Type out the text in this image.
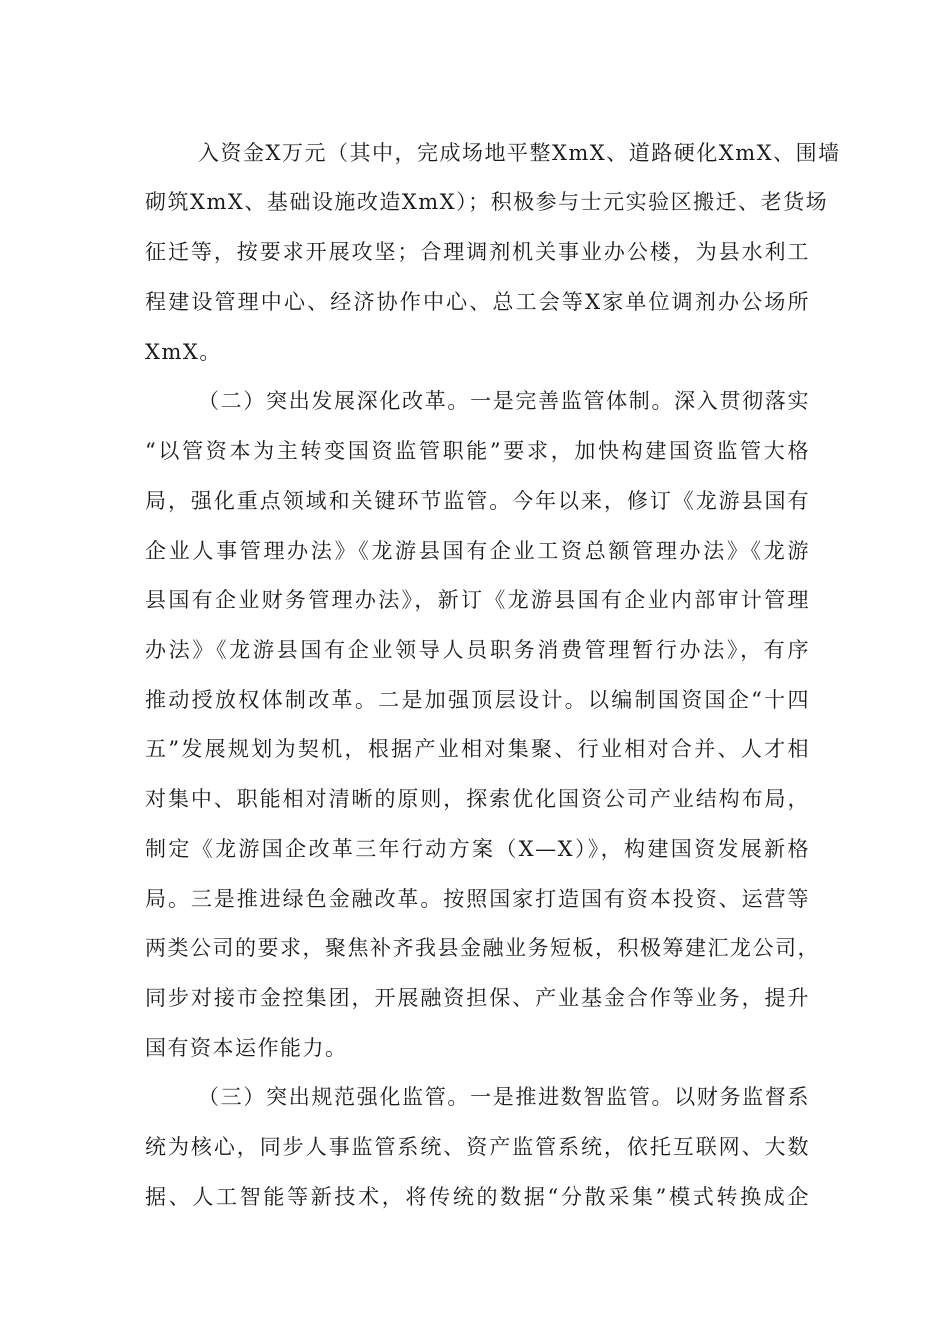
入资金X万元（其中，完成场地平整XmX、道路硬化XmX、围墙
砌筑XmX、基础设施改造XmX）；积极参与士元实验区搬迁、老货场
征迁等，按要求开展攻坚；合理调剂机关事业办公楼，为县水利工
程建设管理中心、经济协作中心、总工会等X家单位调剂办公场所
XmX。
（二）突出发展深化改革。一是完善监管体制。深入贯彻落实
“以管资本为主转变国资监管职能”要求，加快构建国资监管大格
局，强化重点领域和关键环节监管。今年以来，修订《龙游县国有
企业人事管理办法》《龙游县国有企业工资总额管理办法》《龙游
县国有企业财务管理办法》，新订《龙游县国有企业内部审计管理
办法》《龙游县国有企业领导人员职务消费管理暂行办法》，有序
推动授放权体制改革。二是加强顶层设计。以编制国资国企“十四
五”发展规划为契机，根据产业相对集聚、行业相对合并、人才相
对集中、职能相对清晰的原则，探索优化国资公司产业结构布局，
制定《龙游国企改革三年行动方案（X—X）》，构建国资发展新格
局。三是推进绿色金融改革。按照国家打造国有资本投资、运营等
两类公司的要求，聚焦补齐我县金融业务短板，积极筹建汇龙公司，
同步对接市金控集团，开展融资担保、产业基金合作等业务，提升
国有资本运作能力。
（三）突出规范强化监管。一是推进数智监管。以财务监督系
统为核心，同步人事监管系统、资产监管系统，依托互联网、大数
据、人工智能等新技术，将传统的数据“分散采集”模式转换成企
